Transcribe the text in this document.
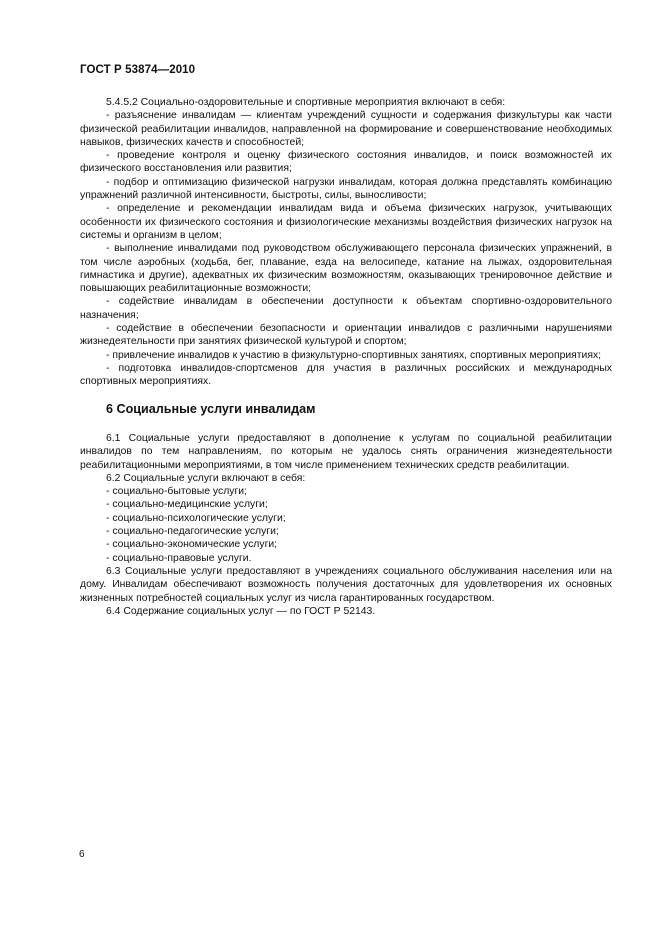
ГОСТ Р 53874—2010

5.4.5.2 Социально-оздоровительные и спортивные мероприятия включают в себя:

- разъяснение инвалидам — клиентам учреждений сущности и содержания физкультуры как части физической реабилитации инвалидов, направленной на формирование и совершенствование необходимых навыков, физических качеств и способностей;

- проведение контроля и оценку физического состояния инвалидов, и поиск возможностей их физического восстановления или развития;

- подбор и оптимизацию физической нагрузки инвалидам, которая должна представлять комбинацию упражнений различной интенсивности, быстроты, силы, выносливости;

- определение и рекомендации инвалидам вида и объема физических нагрузок, учитывающих особенности их физического состояния и физиологические механизмы воздействия физических нагрузок на системы и организм в целом;

- выполнение инвалидами под руководством обслуживающего персонала физических упражнений, в том числе аэробных (ходьба, бег, плавание, езда на велосипеде, катание на лыжах, оздоровительная гимнастика и другие), адекватных их физическим возможностям, оказывающих тренировочное действие и повышающих реабилитационные возможности;

- содействие инвалидам в обеспечении доступности к объектам спортивно-оздоровительного назначения;

- содействие в обеспечении безопасности и ориентации инвалидов с различными нарушениями жизнедеятельности при занятиях физической культурой и спортом;

- привлечение инвалидов к участию в физкультурно-спортивных занятиях, спортивных мероприятиях;

- подготовка инвалидов-спортсменов для участия в различных российских и международных спортивных мероприятиях.

6 Социальные услуги инвалидам

6.1 Социальные услуги предоставляют в дополнение к услугам по социальной реабилитации инвалидов по тем направлениям, по которым не удалось снять ограничения жизнедеятельности реабилитационными мероприятиями, в том числе применением технических средств реабилитации.

6.2 Социальные услуги включают в себя:

- социально-бытовые услуги;

- социально-медицинские услуги;

- социально-психологические услуги;

- социально-педагогические услуги;

- социально-экономические услуги;

- социально-правовые услуги.

6.3 Социальные услуги предоставляют в учреждениях социального обслуживания населения или на дому. Инвалидам обеспечивают возможность получения достаточных для удовлетворения их основных жизненных потребностей социальных услуг из числа гарантированных государством.

6.4 Содержание социальных услуг — по ГОСТ Р 52143.

6
